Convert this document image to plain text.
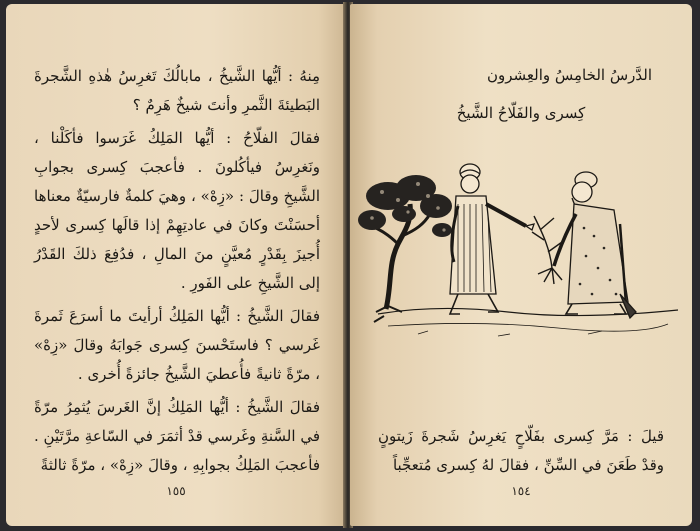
مِنهُ : أيُّها الشَّيخُ ، مابالُكَ تَغرِسُ هٰذهِ الشَّجرةَ البَطيئةَ الثَّمرِ وأنتَ شيخٌ هَرِمٌ ؟

فقالَ الفلّاحُ : أيُّها المَلِكُ غَرَسوا فأكَلْنا ، ونَغرِسُ فيأكُلونَ . فأعجبَ كِسرى بجوابِ الشَّيخِ وقالَ : «زِهْ» ، وهيَ كلمةٌ فارسيّةٌ معناها أحسَنْتَ وكانَ في عادتِهِمْ إذا قالَها كِسرى لأحدٍ أُجيزَ بِقَدْرٍ مُعيَّنٍ منَ المالِ ، فدُفِعَ ذلكَ القَدْرُ إلى الشَّيخِ على الفَورِ .

فقالَ الشَّيخُ : أيُّها المَلِكُ أرأيتَ ما أسرَعَ ثَمرةَ غَرسي ؟ فاستَحْسنَ كِسرى جَوابَهُ وقالَ «زِهْ» ، مرّةً ثانيةً فأُعطيَ الشَّيخُ جائزةً أُخرى .

فقالَ الشَّيخُ : أيُّها المَلِكُ إنَّ الغَرسَ يُثمِرُ مرّةً في السَّنةِ وغَرسي قدْ أثمَرَ في السّاعةِ مرَّتَيْنِ . فأعجبَ المَلِكُ بجوابِهِ ، وقالَ «زِهْ» ، مرّةً ثالثةً

١٥٥
الدَّرسُ الخامِسُ والعِشرون
كِسرى والفَلّاحُ الشَّيخُ
قيلَ : مَرَّ كِسرى بفَلّاحٍ يَغرِسُ شَجرةَ زَيتونٍ وقدْ طَعَنَ في السِّنِّ ، فقالَ لهُ كِسرى مُتعجِّباً
١٥٤
